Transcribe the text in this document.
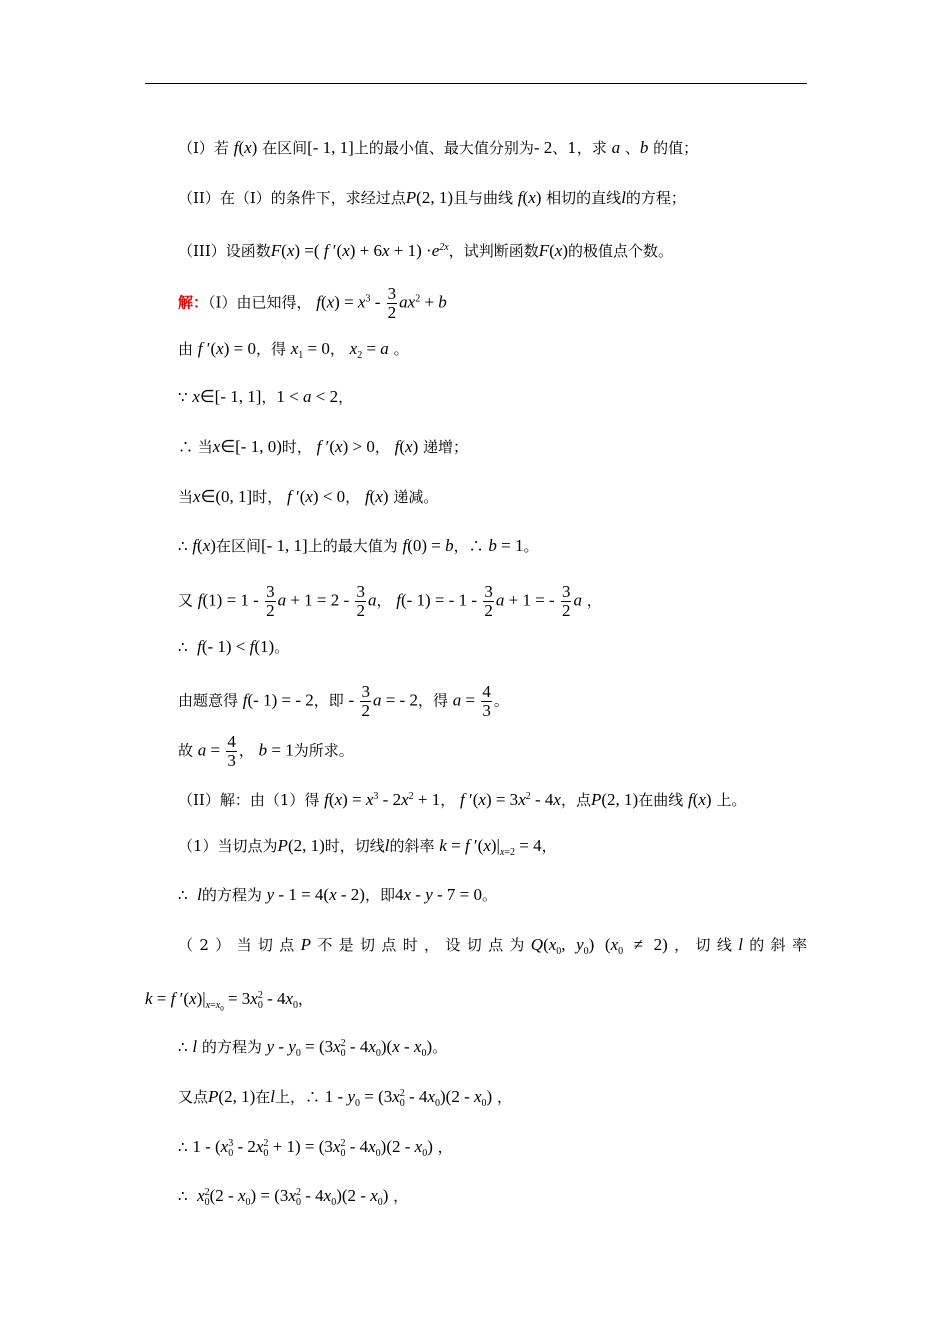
（I）若 f(x) 在区间[- 1, 1]上的最小值、最大值分别为- 2、1，求 a 、b 的值；
（II）在（I）的条件下，求经过点P(2, 1)且与曲线 f(x) 相切的直线l的方程；
（III）设函数F(x) =( f $'(x) + 6x + 1) \cdot e^{2x}$，试判断函数F(x)的极值点个数。
解：（I）由已知得， $f(x) = x^3 - \frac{3}{2} ax^2 + b$
由 f ′(x) = 0，得 $x_1 = 0$， $x_2 = a$ 。
∵ x∈[- 1, 1]，1 < a < 2，
∴ 当x∈[- 1, 0)时， f ′(x) > 0， f(x) 递增；
当x∈(0, 1]时， f ′(x) < 0， f(x) 递减。
∴ f(x)在区间[- 1, 1]上的最大值为 f(0) = b，∴ b = 1。
又 $f(1) = 1 - \frac{3}{2}$ $a + 1 = 2 - \frac{3}{2}$ a， f(- 1) = - $1 - \frac{3}{2}$ a + 1 = - $\frac{3}{2}$ a ，
∴  f(- 1) < f(1)。
由题意得 f(- 1) = - 2，即 - $\frac{3}{2}$ a = - 2，得 $a = \frac{4}{3}$ 。
故 $a = \frac{4}{3}$ ， b = 1为所求。
（II）解：由（1）得 $f(x) = x^3 - 2x^2 + 1$， f $'(x) = 3x^2 - 4x$，点P(2, 1)在曲线 f(x) 上。
（1）当切点为P(2, 1)时，切线l的斜率 k = f $'(x)|_{x=2} = 4$，
∴  l的方程为 y - 1 = 4(x - 2)，即4x - y - 7 = 0。
（2）当切点P不是切点时，设切点为$Q(x_0$, $y_0$) $(x_0 \ne 2)$，切线l的斜率
k = f $'(x)|_{x=x_0} = 3x_0^2 - 4x_0$，
∴ l 的方程为 $y - y_0 = (3x_0^2 - 4x_0)(x - x_0)$。
又点P(2, 1)在l上，∴ $1 - y_0 = (3x_0^2 - 4x_0)(2 - x_0)$ ，
∴ $1 - (x_0^3 - 2x_0^2 + 1) = (3x_0^2 - 4x_0)(2 - x_0)$ ，
∴  $x_0^2(2 - x_0) = (3x_0^2 - 4x_0)(2 - x_0)$ ，
